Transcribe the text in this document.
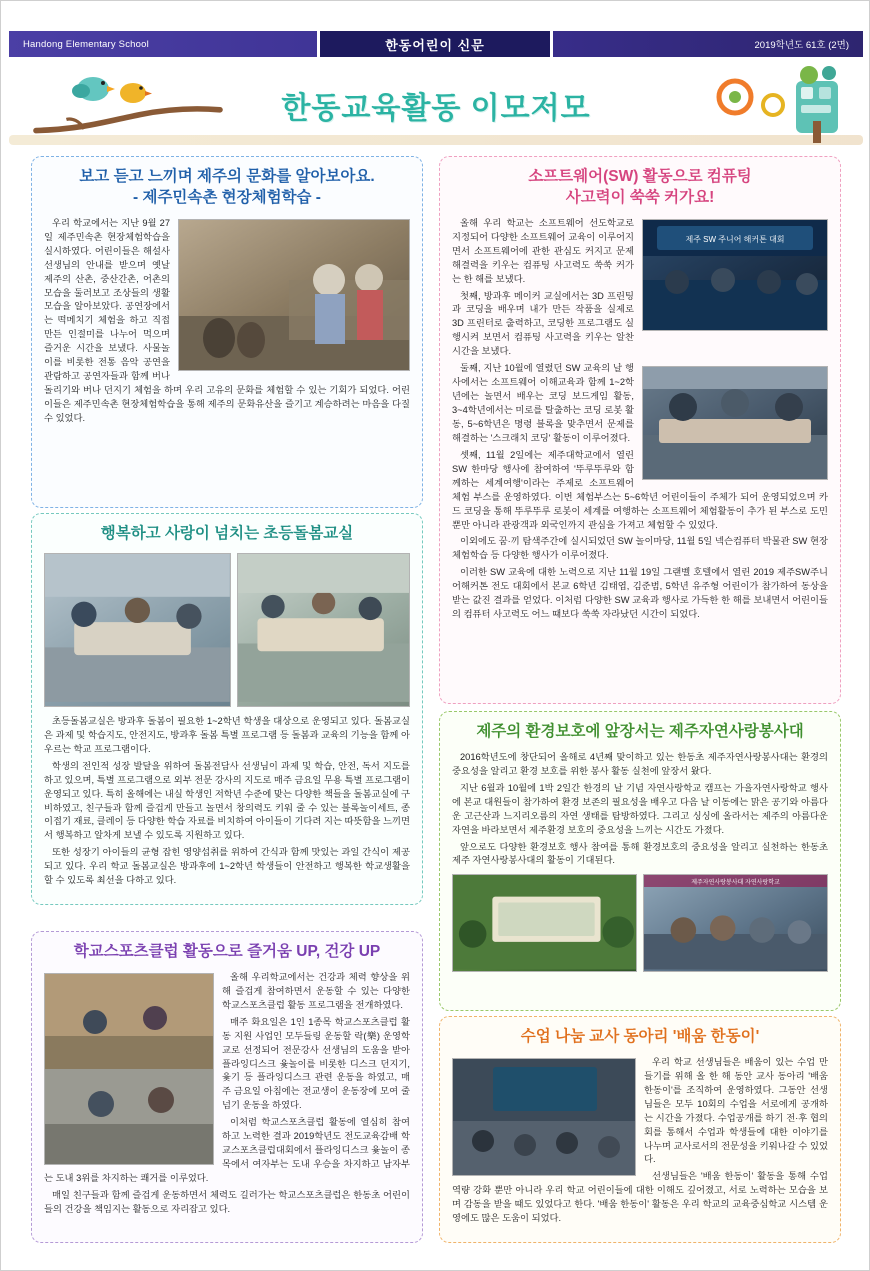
Handong Elementary School	2019학년도 61호 (2면)
한동어린이 신문
한동교육활동 이모저모
보고 듣고 느끼며 제주의 문화를 알아보아요.
- 제주민속촌 현장체험학습 -

우리 학교에서는 지난 9월 27일 제주민속촌 현장체험학습을 실시하였다. 어린이들은 해설사 선생님의 안내를 받으며 옛날 제주의 산촌, 중산간촌, 어촌의 모습을 둘러보고 조상들의 생활 모습을 알아보았다. 공연장에서는 떡메치기 체험을 하고 직접 만든 인절미를 나누어 먹으며 즐거운 시간을 보냈다. 사물놀이를 비롯한 전통 음악 공연을 관람하고 공연자들과 함께 버나돌리기와 버나 던지기 체험을 하며 우리 고유의 문화를 체험할 수 있는 기회가 되었다. 어린이들은 제주민속촌 현장체험학습을 통해 제주의 문화유산을 즐기고 계승하려는 마음을 다질 수 있었다.

행복하고 사랑이 넘치는 초등돌봄교실

초등돌봄교실은 방과후 돌봄이 필요한 1~2학년 학생을 대상으로 운영되고 있다. 돌봄교실은 과제 및 학습지도, 안전지도, 방과후 돌봄 특별 프로그램 등 돌봄과 교육의 기능을 함께 아우르는 학교 프로그램이다.

학생의 전인적 성장 발달을 위하여 돌봄전담사 선생님이 과제 및 학습, 안전, 독서 지도를 하고 있으며, 특별 프로그램으로 외부 전문 강사의 지도로 매주 금요일 무용 특별 프로그램이 운영되고 있다. 특히 올해에는 내실 학생인 저학년 수준에 맞는 다양한 책들을 돌봄교실에 구비하였고, 친구들과 함께 즐겁게 만들고 놀면서 창의력도 키워 줄 수 있는 블록놀이세트, 종이접기 재료, 클레이 등 다양한 학습 자료를 비치하여 아이들이 기다려 지는 따뜻함을 느끼면서 행복하고 알차게 보낼 수 있도록 지원하고 있다.

또한 성장기 아이들의 균형 잡힌 영양섭취를 위하여 간식과 함께 맛있는 과일 간식이 제공되고 있다. 우리 학교 돌봄교실은 방과후에 1~2학년 학생들이 안전하고 행복한 학교생활을 할 수 있도록 최선을 다하고 있다.

소프트웨어(SW) 활동으로 컴퓨팅
사고력이 쑥쑥 커가요!
제주 SW 주니어 해커톤 대회

올해 우리 학교는 소프트웨어 선도학교로 지정되어 다양한 소프트웨어 교육이 이루어지면서 소프트웨어에 관한 관심도 커지고 문제해결력을 키우는 컴퓨팅 사고력도 쑥쑥 커가는 한 해를 보냈다.

첫째, 방과후 메이커 교실에서는 3D 프린팅과 코딩을 배우며 내가 만든 작품을 실제로 3D 프린터로 출력하고, 코딩한 프로그램도 실행시켜 보면서 컴퓨팅 사고력을 키우는 알찬 시간을 보냈다.

둘째, 지난 10월에 열렸던 SW 교육의 날 행사에서는 소프트웨어 이해교육과 함께 1~2학년에는 놀면서 배우는 코딩 보드게임 활동, 3~4학년에서는 미로를 탈출하는 코딩 로봇 활동, 5~6학년은 명령 블록을 맞추면서 문제를 해결하는 '스크래치 코딩' 활동이 이루어졌다.

셋째, 11월 2일에는 제주대학교에서 열린 SW 한마당 행사에 참여하여 '뚜루뚜루와 함께하는 세계여행'이라는 주제로 소프트웨어 체험 부스를 운영하였다. 이번 체험부스는 5~6학년 어린이들이 주체가 되어 운영되었으며 카드 코딩을 통해 뚜루뚜루 로봇이 세계를 여행하는 소프트웨어 체험활동이 추가 된 부스로 도민뿐만 아니라 관광객과 외국인까지 관심을 가져고 체험할 수 있었다.

이외에도 꿈·끼 탐색주간에 실시되었던 SW 놀이마당, 11월 5일 넥슨컴퓨터 박물관 SW 현장체험학습 등 다양한 행사가 이루어졌다.

이러한 SW 교육에 대한 노력으로 지난 11월 19일 그랜벨 호텔에서 열린 2019 제주SW주니어해커톤 전도 대회에서 본교 6학년 김태엽, 김준범, 5학년 유주형 어린이가 참가하여 동상을 받는 값진 결과를 얻었다. 이처럼 다양한 SW 교육과 행사로 가득한 한 해를 보내면서 어린이들의 컴퓨터 사고력도 어느 때보다 쑥쑥 자라났던 시간이 되었다.

제주의 환경보호에 앞장서는 제주자연사랑봉사대

2016학년도에 창단되어 올해로 4년째 맞이하고 있는 한동초 제주자연사랑봉사대는 환경의 중요성을 알리고 환경 보호를 위한 봉사 활동 실천에 앞장서 왔다.

지난 6월과 10월에 1박 2일간 한경의 날 기념 자연사랑학교 캠프는 가을자연사랑학교 행사에 본교 대원들이 참가하여 환경 보존의 필요성을 배우고 다음 날 이동에는 맑은 공기와 아름다운 고근산과 느지리오름의 자연 생태를 탐방하였다. 그리고 싱싱에 올라서는 제주의 아름다운 자연을 바라보면서 제주환경 보호의 중요성을 느끼는 시간도 가졌다.

앞으로도 다양한 환경보호 행사 참여를 통해 환경보호의 중요성을 알리고 실천하는 한동초 제주 자연사랑봉사대의 활동이 기대된다.

제주자연사랑봉사대 자연사랑학교
학교스포츠클럽 활동으로 즐거움 UP, 건강 UP

올해 우리학교에서는 건강과 체력 향상을 위해 즐겁게 참여하면서 운동할 수 있는 다양한 학교스포츠클럽 활동 프로그램을 전개하였다.

매주 화요일은 1인 1종목 학교스포츠클럽 활동 지원 사업인 모두들링 운동할 락(樂) 운영학교로 선정되어 전문강사 선생님의 도움을 받아 플라잉디스크 윷놀이를 비롯한 디스크 던지기, 윷기 등 플라잉디스크 관련 운동을 하였고, 매주 금요일 아침에는 전교생이 운동장에 모여 줄넘기 운동을 하였다.

이처럼 학교스포츠클럽 활동에 열심히 참여하고 노력한 결과 2019학년도 전도교육감배 학교스포츠클럽대회에서 플라잉디스크 윷놀이 종목에서 여자부는 도내 우승을 차지하고 남자부는 도내 3위를 차지하는 쾌거를 이루었다.

매일 친구들과 함께 즐겁게 운동하면서 체력도 길러가는 학교스포츠클럽은 한동초 어린이들의 건강을 책임지는 활동으로 자리잡고 있다.

수업 나눔 교사 동아리 '배움 한동이'

우리 학교 선생님들은 배움이 있는 수업 만들기를 위해 올 한 해 동안 교사 동아리 '배움 한동이'를 조직하여 운영하였다. 그동안 선생님들은 모두 10회의 수업을 서로에게 공개하는 시간을 가졌다. 수업공개를 하기 전·후 협의회를 통해서 수업과 학생들에 대한 이야기를 나누며 교사로서의 전문성을 키워나갈 수 있었다.

선생님들은 '배움 한동이' 활동을 통해 수업 역량 강화 뿐만 아니라 우리 학교 어린이들에 대한 이해도 깊어졌고, 서로 노력하는 모습을 보며 감동을 받을 때도 있었다고 한다. '배움 한동이' 활동은 우리 학교의 교육중심학교 시스템 운영에도 많은 도움이 되었다.
